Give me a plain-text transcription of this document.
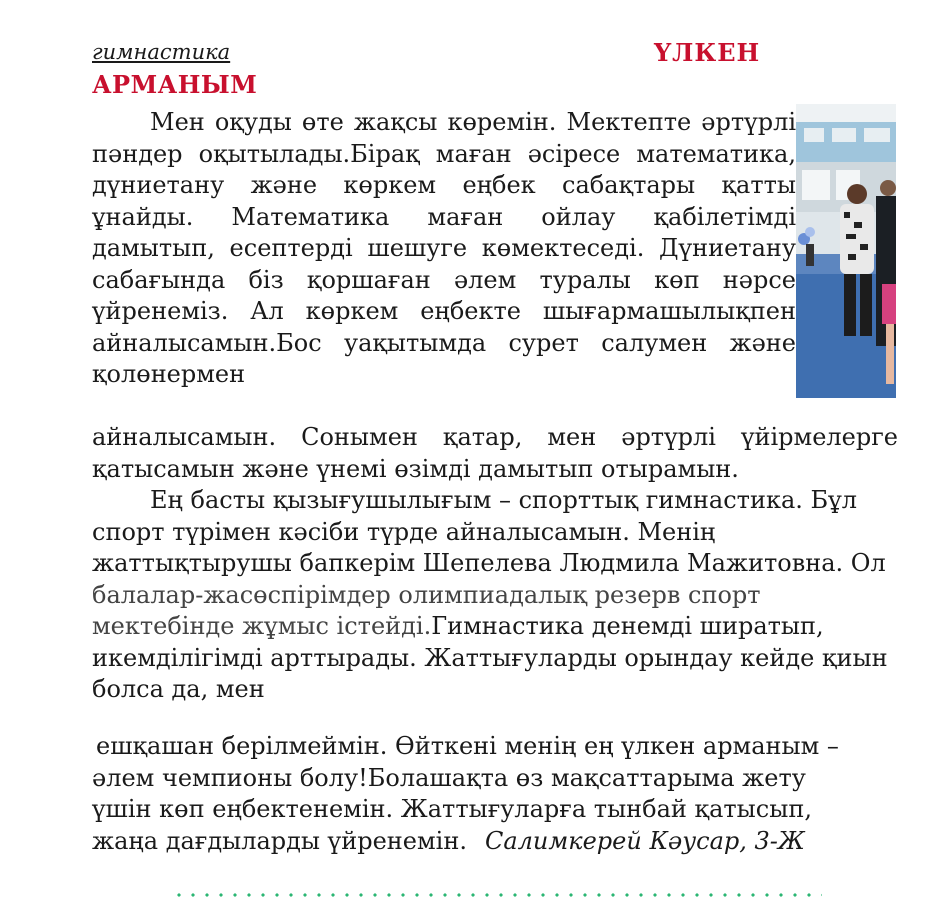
гимнастика	ҮЛКЕН
АРМАНЫМ

Мен оқуды өте жақсы көремін. Мектепте әртүрлі пәндер оқытылады.Бірақ маған әсіресе математика, дүниетану және көркем еңбек сабақтары қатты ұнайды. Математика маған ойлау қабілетімді дамытып, есептерді шешуге көмектеседі. Дүниетану сабағында біз қоршаған әлем туралы көп нәрсе үйренеміз. Ал көркем еңбекте шығармашылықпен айналысамын.Бос уақытымда сурет салумен және қолөнермен

айналысамын. Сонымен қатар, мен әртүрлі үйірмелерге қатысамын және үнемі өзімді дамытып отырамын.

Ең басты қызығушылығым – спорттық гимнастика. Бұл спорт түрімен кәсіби түрде айналысамын. Менің жаттықтырушы бапкерім Шепелева Людмила Мажитовна. Ол балалар-жасөспірімдер олимпиадалық резерв спорт мектебінде жұмыс істейді.Гимнастика денемді ширатып, икемділігімді арттырады. Жаттығуларды орындау кейде қиын болса да, мен

ешқашан берілмеймін. Өйткені менің ең үлкен арманым –
әлем чемпионы болу!Болашақта өз мақсаттарыма жету
үшін көп еңбектенемін. Жаттығуларға тынбай қатысып,
жаңа дағдыларды үйренемін. Салимкерей Кәусар, 3-Ж
